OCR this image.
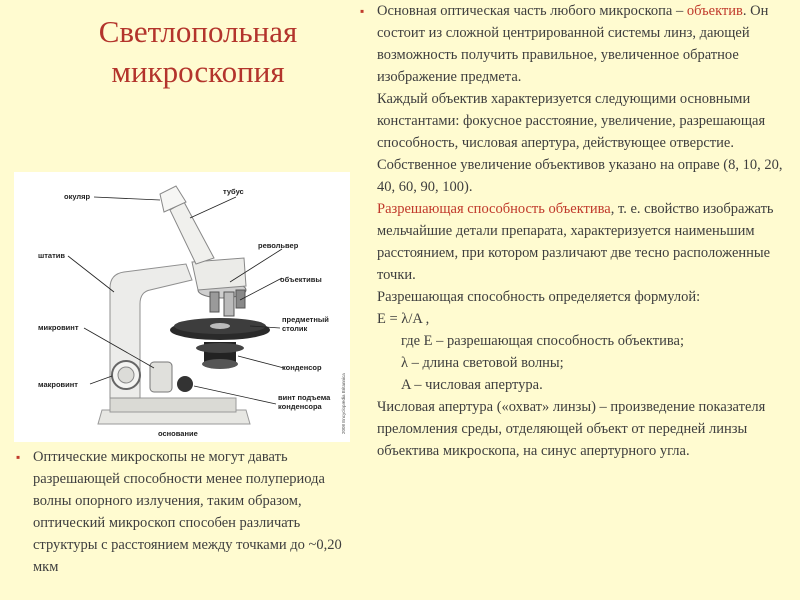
Светлопольная
микроскопия
окуляр
тубус
штатив
револьвер
объективы
предметный
столик
микровинт
конденсор
макровинт
винт подъема
конденсора
основание	2008 Encyclopædia Britannica
▪ Оптические микроскопы не могут давать разрешающей способности менее полупериода волны опорного излучения, таким образом, оптический микроскоп способен различать структуры с расстоянием между точками до ~0,20 мкм
▪ Основная оптическая часть любого микроскопа – объектив. Он состоит из сложной центрированной системы линз, дающей возможность получить правильное, увеличенное обратное изображение предмета.
Каждый объектив характеризуется следующими основными константами: фокусное расстояние, увеличение, разрешающая способность, числовая апертура, действующее отверстие. Собственное увеличение объективов указано на оправе (8, 10, 20, 40, 60, 90, 100).
Разрешающая способность объектива, т. е. свойство изображать мельчайшие детали препарата, характеризуется наименьшим расстоянием, при котором различают две тесно расположенные точки.
Разрешающая способность определяется формулой:
E = λ/A ,
где E – разрешающая способность объектива;
λ – длина световой волны;
A – числовая апертура.
Числовая апертура («охват» линзы) – произведение показателя преломления среды, отделяющей объект от передней линзы объектива микроскопа, на синус апертурного угла.
